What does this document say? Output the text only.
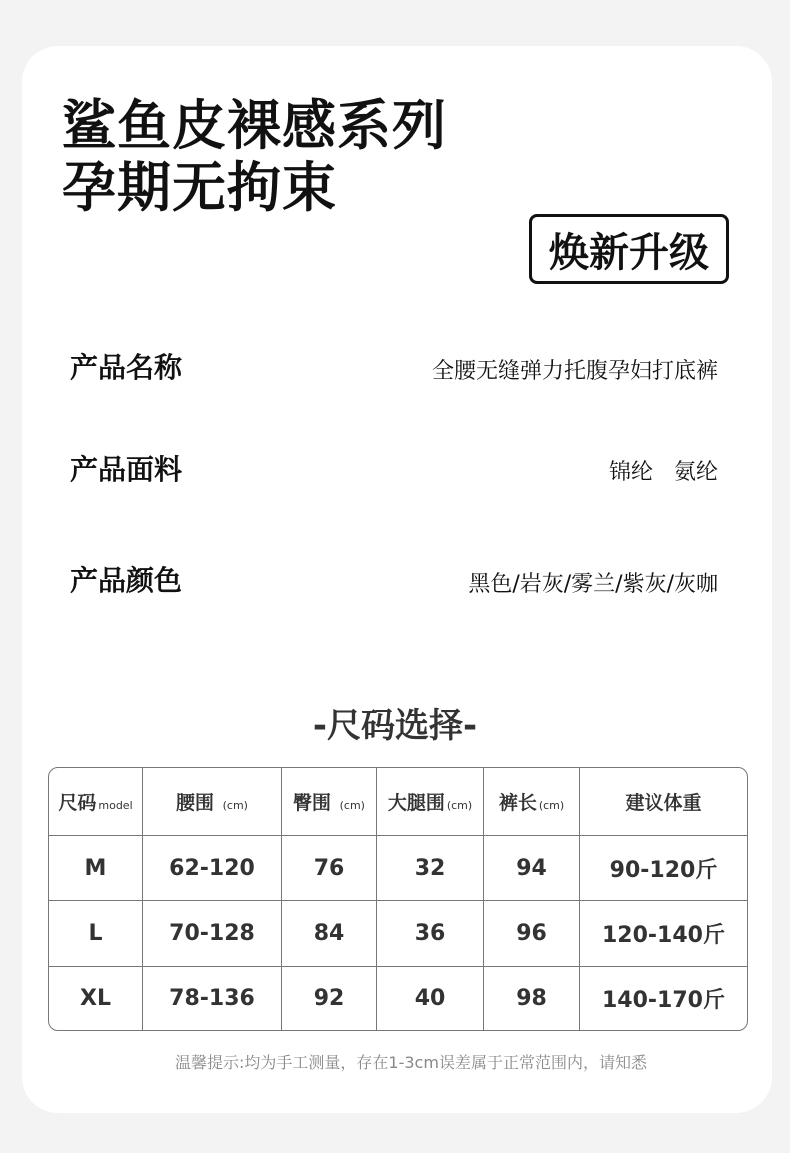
鲨鱼皮裸感系列
孕期无拘束
焕新升级
产品名称	全腰无缝弹力托腹孕妇打底裤
产品面料	锦纶   氨纶
产品颜色	黑色/岩灰/雾兰/紫灰/灰咖
-尺码选择-
尺码 model	腰围 (cm)	臀围 (cm)	大腿围 (cm)	裤长 (cm)	建议体重
M	62-120	76	32	94	90-120斤
L	70-128	84	36	96	120-140斤
XL	78-136	92	40	98	140-170斤
温馨提示:均为手工测量，存在1-3cm误差属于正常范围内，请知悉
